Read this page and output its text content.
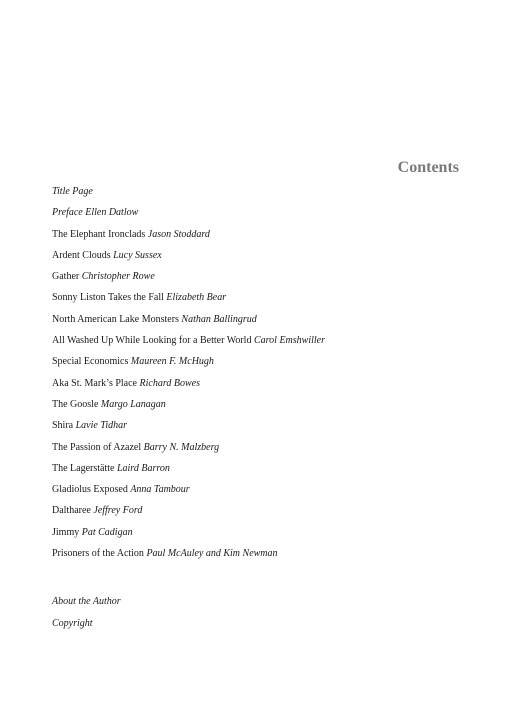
Contents
Title Page
Preface Ellen Datlow
The Elephant Ironclads Jason Stoddard
Ardent Clouds Lucy Sussex
Gather Christopher Rowe
Sonny Liston Takes the Fall Elizabeth Bear
North American Lake Monsters Nathan Ballingrud
All Washed Up While Looking for a Better World Carol Emshwiller
Special Economics Maureen F. McHugh
Aka St. Mark’s Place Richard Bowes
The Goosle Margo Lanagan
Shira Lavie Tidhar
The Passion of Azazel Barry N. Malzberg
The Lagerstätte Laird Barron
Gladiolus Exposed Anna Tambour
Daltharee Jeffrey Ford
Jimmy Pat Cadigan
Prisoners of the Action Paul McAuley and Kim Newman
About the Author
Copyright
